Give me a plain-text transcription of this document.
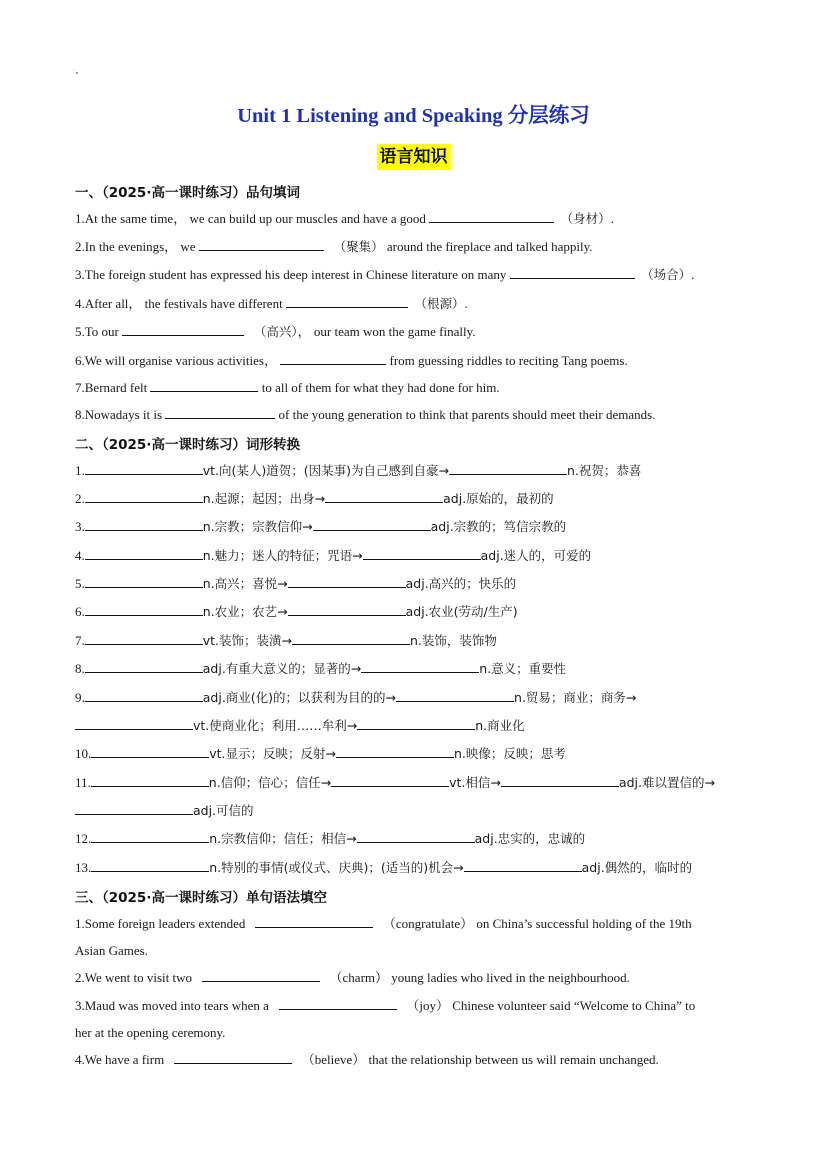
Unit 1 Listening and Speaking 分层练习
语言知识
一、（2025·高一课时练习）品句填词
1.At the same time， we can build up our muscles and have a good	（身材）.
2.In the evenings， we	（聚集） around the fireplace and talked happily.
3.The foreign student has expressed his deep interest in Chinese literature on many	（场合）.
4.After all， the festivals have different	（根源）.
5.To our	（高兴）， our team won the game finally.
6.We will organise various activities，	from guessing riddles to reciting Tang poems.
7.Bernard felt	to all of them for what they had done for him.
8.Nowadays it is	of the young generation to think that parents should meet their demands.
二、（2025·高一课时练习）词形转换
1.	vt.向(某人)道贺；(因某事)为自己感到自豪→	n.祝贺；恭喜
2.	n.起源；起因；出身→	adj.原始的，最初的
3.	n.宗教；宗教信仰→	adj.宗教的；笃信宗教的
4.	n.魅力；迷人的特征；咒语→	adj.迷人的，可爱的
5.	n.高兴；喜悦→	adj.高兴的；快乐的
6.	n.农业；农艺→	adj.农业(劳动/生产)
7.	vt.装饰；装潢→	n.装饰，装饰物
8.	adj.有重大意义的；显著的→	n.意义；重要性
9.	adj.商业(化)的；以获利为目的的→	n.贸易；商业；商务→
vt.使商业化；利用……牟利→	n.商业化
10.	vt.显示；反映；反射→	n.映像；反映；思考
11.	n.信仰；信心；信任→	vt.相信→	adj.难以置信的→
adj.可信的
12.	n.宗教信仰；信任；相信→	adj.忠实的，忠诚的
13.	n.特别的事情(或仪式、庆典)；(适当的)机会→	adj.偶然的，临时的
三、（2025·高一课时练习）单句语法填空
1.Some foreign leaders extended	（congratulate） on China’s successful holding of the 19th
Asian Games.
2.We went to visit two	（charm） young ladies who lived in the neighbourhood.
3.Maud was moved into tears when a	（joy） Chinese volunteer said “Welcome to China” to
her at the opening ceremony.
4.We have a firm	（believe） that the relationship between us will remain unchanged.
·
